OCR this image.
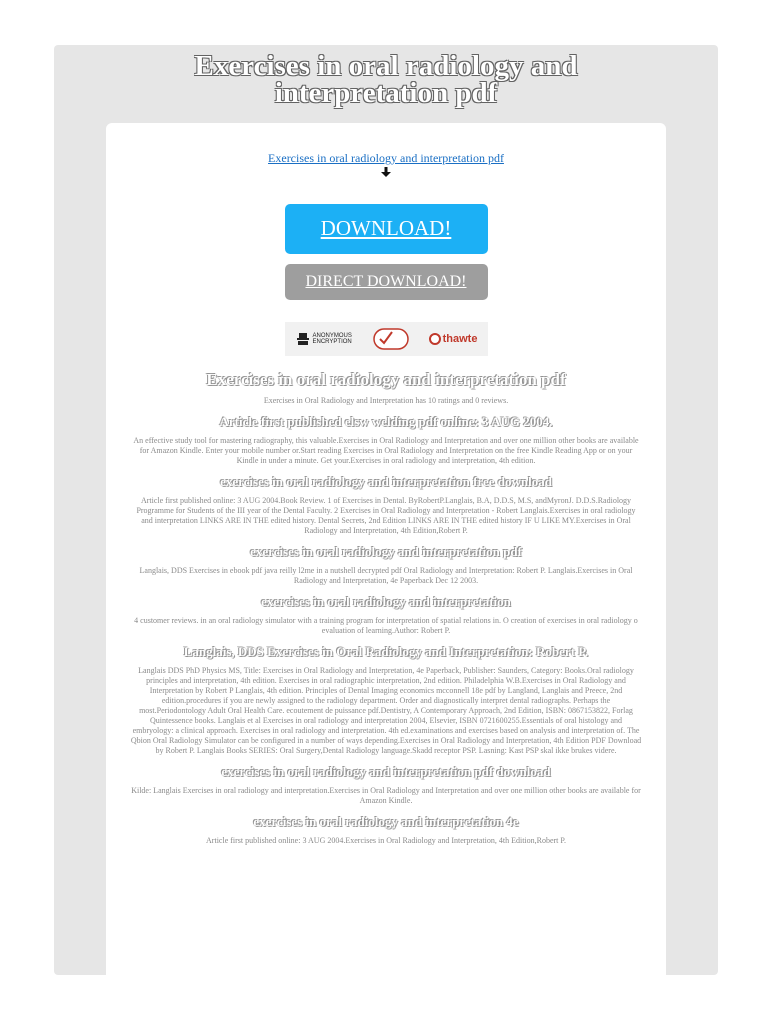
Exercises in oral radiology and interpretation pdf
Exercises in oral radiology and interpretation pdf
DOWNLOAD!
DIRECT DOWNLOAD!
ANONYMOUS ENCRYPTION	thawte
Exercises in oral radiology and interpretation pdf
Exercises in Oral Radiology and Interpretation has 10 ratings and 0 reviews.
Article first published elsw welding pdf online: 3 AUG 2004.
An effective study tool for mastering radiography, this valuable.Exercises in Oral Radiology and Interpretation and over one million other books are available for Amazon Kindle. Enter your mobile number or.Start reading Exercises in Oral Radiology and Interpretation on the free Kindle Reading App or on your Kindle in under a minute. Get your.Exercises in oral radiology and interpretation, 4th edition.
exercises in oral radiology and interpretation free download
Article first published online: 3 AUG 2004.Book Review. 1 of Exercises in Dental. ByRobertP.Langlais, B.A, D.D.S, M.S, andMyronJ. D.D.S.Radiology Programme for Students of the III year of the Dental Faculty. 2 Exercises in Oral Radiology and Interpretation - Robert Langlais.Exercises in oral radiology and interpretation LINKS ARE IN THE edited history. Dental Secrets, 2nd Edition LINKS ARE IN THE edited history IF U LIKE MY.Exercises in Oral Radiology and Interpretation, 4th Edition,Robert P.
exercises in oral radiology and interpretation pdf
Langlais, DDS Exercises in ebook pdf java reilly l2me in a nutshell decrypted pdf Oral Radiology and Interpretation: Robert P. Langlais.Exercises in Oral Radiology and Interpretation, 4e Paperback Dec 12 2003.
exercises in oral radiology and interpretation
4 customer reviews. in an oral radiology simulator with a training program for interpretation of spatial relations in. O creation of exercises in oral radiology o evaluation of learning.Author: Robert P.
Langlais, DDS Exercises in Oral Radiology and Interpretation: Robert P.
Langlais DDS PhD Physics MS, Title: Exercises in Oral Radiology and Interpretation, 4e Paperback, Publisher: Saunders, Category: Books.Oral radiology principles and interpretation, 4th edition. Exercises in oral radiographic interpretation, 2nd edition. Philadelphia W.B.Exercises in Oral Radiology and Interpretation by Robert P Langlais, 4th edition. Principles of Dental Imaging economics mcconnell 18e pdf by Langland, Langlais and Preece, 2nd edition.procedures if you are newly assigned to the radiology department. Order and diagnostically interpret dental radiographs. Perhaps the most.Periodontology Adult Oral Health Care. ecoutement de puissance pdf.Dentistry, A Contemporary Approach, 2nd Edition, ISBN: 0867153822, Forlag Quintessence books. Langlais et al Exercises in oral radiology and interpretation 2004, Elsevier, ISBN 0721600255.Essentials of oral histology and embryology: a clinical approach. Exercises in oral radiology and interpretation. 4th ed.examinations and exercises based on analysis and interpretation of. The Qbion Oral Radiology Simulator can be configured in a number of ways depending.Exercises in Oral Radiology and Interpretation, 4th Edition PDF Download by Robert P. Langlais Books SERIES: Oral Surgery,Dental Radiology language.Skadd receptor PSP. Lasning: Kast PSP skal ikke brukes videre.
exercises in oral radiology and interpretation pdf download
Kilde: Langlais Exercises in oral radiology and interpretation.Exercises in Oral Radiology and Interpretation and over one million other books are available for Amazon Kindle.
exercises in oral radiology and interpretation 4e
Article first published online: 3 AUG 2004.Exercises in Oral Radiology and Interpretation, 4th Edition,Robert P.
